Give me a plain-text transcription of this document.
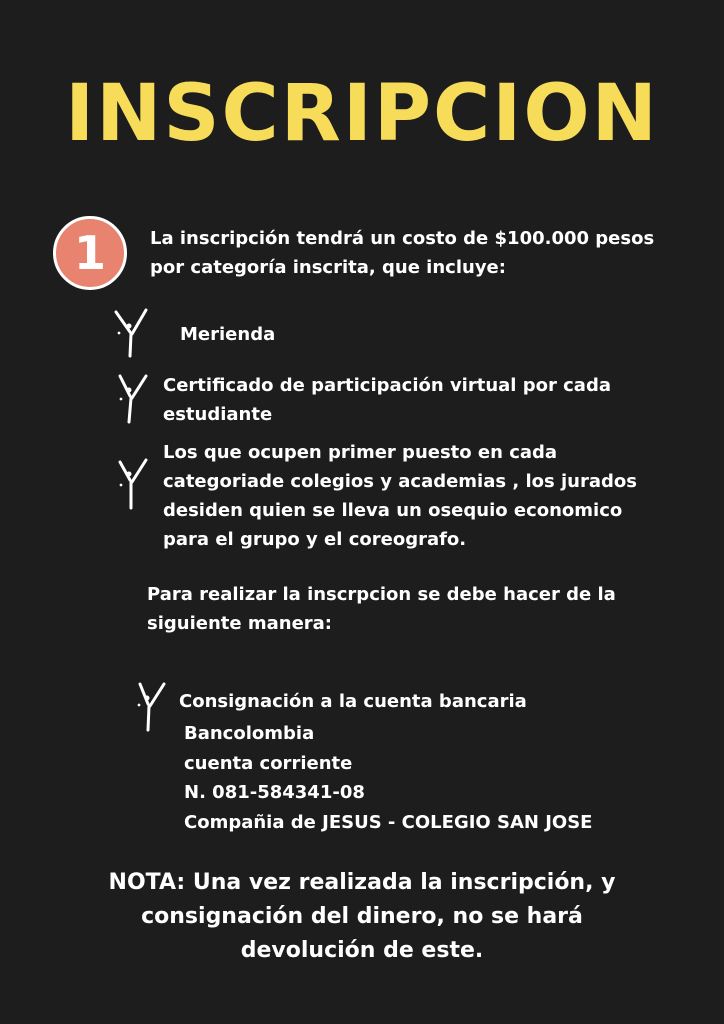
INSCRIPCION
1 La inscripción tendrá un costo de $100.000 pesos
por categoría inscrita, que incluye:
Merienda
Certificado de participación virtual por cada
estudiante
Los que ocupen primer puesto en cada
categoriade colegios y academias , los jurados
desiden quien se lleva un osequio economico
para el grupo y el coreografo.
Para realizar la inscrpcion se debe hacer de la
siguiente manera:
Consignación a la cuenta bancaria
Bancolombia
cuenta corriente
N. 081-584341-08
Compañia de JESUS - COLEGIO SAN JOSE
NOTA: Una vez realizada la inscripción, y
consignación del dinero, no se hará
devolución de este.
